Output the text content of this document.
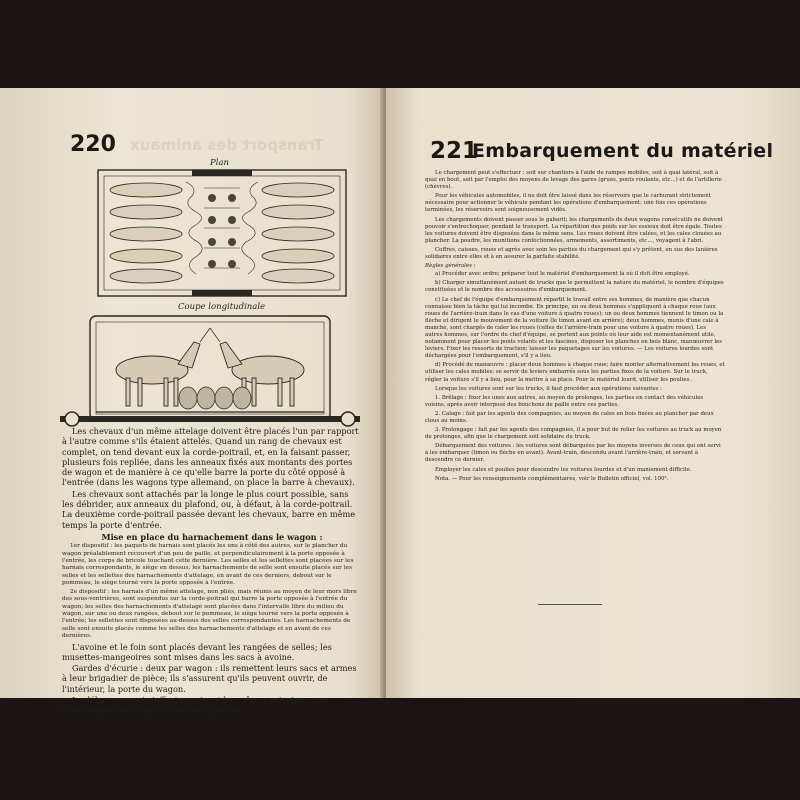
Transport des animaux
220
Plan
Coupe longitudinale

Les chevaux d'un même attelage doivent être placés l'un par rapport à l'autre comme s'ils étaient attelés. Quand un rang de chevaux est complet, on tend devant eux la corde-poitrail, et, en la faisant passer, plusieurs fois repliée, dans les anneaux fixés aux montants des portes de wagon et de manière à ce qu'elle barre la porte du côté opposé à l'entrée (dans les wagons type allemand, on place la barre à chevaux).

Les chevaux sont attachés par la longe le plus court possible, sans les débrider, aux anneaux du plafond, ou, à défaut, à la corde-poitrail. La deuxième corde-poitrail passée devant les chevaux, barre en même temps la porte d'entrée.

Mise en place du harnachement dans le wagon :

1er dispositif : les paquets de harnais sont placés les uns à côté des autres, sur le plancher du wagon préalablement recouvert d'un peu de paille, et perpendiculairement à la porte opposée à l'entrée, les corps de bricole touchant cette dernière. Les selles et les sellettes sont placées sur les harnais correspondants, le siège en dessus; les harnachements de selle sont ensuite placés sur les selles et les sellettes des harnachements d'attelage, en avant de ces derniers, debout sur le pommeau, le siège tourné vers la porte opposée à l'entrée.

2e dispositif : les harnais d'un même attelage, non pliés, mais réunis au moyen de leur mors libre des sous-ventrières, sont suspendus sur la corde-poitrail qui barre la porte opposée à l'entrée du wagon; les selles des harnachements d'attelage sont placées dans l'intervalle libre du milieu du wagon, sur une ou deux rangées, debout sur le pommeau, le siège tourné vers la porte opposée à l'entrée; les sellettes sont disposées au-dessus des selles correspondantes. Les harnachements de selle sont ensuite placés comme les selles des harnachements d'attelage et en avant de ces dernières.

L'avoine et le foin sont placés devant les rangées de selles; les musettes-mangeoires sont mises dans les sacs à avoine.

Gardes d'écurie : deux par wagon : ils remettent leurs sacs et armes à leur brigadier de pièce; ils s'assurent qu'ils peuvent ouvrir, de l'intérieur, la porte du wagon.

Le débarquement s'effectue suivant les mêmes principes que l'embarquement et par les moyens inverses.

221
Embarquement du matériel

Le chargement peut s'effectuer : soit sur chantiers à l'aide de rampes mobiles, soit à quai latéral, soit à quai en bout, soit par l'emploi des moyens de levage des gares (grues, ponts roulants, etc...) et de l'artillerie (chèvres).

Pour les véhicules automobiles, il ne doit être laissé dans les réservoirs que le carburant strictement nécessaire pour actionner le véhicule pendant les opérations d'embarquement; une fois ces opérations terminées, les réservoirs sont soigneusement vidés.

Les chargements doivent passer sous le gabarit; les chargements de deux wagons consécutifs ne doivent pouvoir s'entrechoquer, pendant le transport. La répartition des poids sur les essieux doit être égale. Toutes les voitures doivent être disposées dans le même sens. Les roues doivent être calées, et les cales clouées au plancher. La poudre, les munitions confectionnées, armements, assortiments, etc..., voyagent à l'abri.

Coffres, caisses, roues et agrès avec soin les parties du chargement qui s'y prêtent, en sus des lanières solidaires entre elles et à en assurer la parfaite stabilité.

Règles générales :

a) Procéder avec ordre; préparer tout le matériel d'embarquement là où il doit être employé.

b) Charger simultanément autant de trucks que le permettent la nature du matériel, le nombre d'équipes constituées et le nombre des accessoires d'embarquement.

c) Le chef de l'équipe d'embarquement répartit le travail entre ses hommes, de manière que chacun connaisse bien la tâche qui lui incombe. En principe, un ou deux hommes s'appliquent à chaque roue (aux roues de l'arrière-train dans le cas d'une voiture à quatre roues); un ou deux hommes tiennent le timon ou la flèche et dirigent le mouvement de la voiture (le timon avant en arrière); deux hommes, munis d'une cale à manche, sont chargés de caler les roues (celles de l'arrière-train pour une voiture à quatre roues). Les autres hommes, sur l'ordre du chef d'équipe, se portent aux points où leur aide est momentanément utile, notamment pour placer les ponts volants et les fascines, disposer les planches en bois blanc, manœuvrer les leviers. Fixer les ressorts de traction; laisser les paquetages sur les voitures. — Les voitures lourdes sont déchargées pour l'embarquement, s'il y a lieu.

d) Procédé de manœuvre : placer deux hommes à chaque roue; faire monter alternativement les roues, et utiliser les cales mobiles; se servir de leviers embarrés sous les parties fixes de la voiture. Sur le truck, régler la voiture s'il y a lieu, pour la mettre à sa place. Pour le matériel lourd, utiliser les poulies.

Lorsque les voitures sont sur les trucks, il faut procéder aux opérations suivantes :

1. Brêlage : fixer les unes aux autres, au moyen de prolonges, les parties en contact des véhicules voisins, après avoir interposé des bouchons de paille entre ces parties.

2. Calage : fait par les agents des compagnies, au moyen de cales en bois fixées au plancher par deux clous au moins.

3. Prolongage : fait par les agents des compagnies, il a pour but de relier les voitures au truck au moyen de prolonges, afin que le chargement soit solidaire du truck.

Débarquement des voitures : les voitures sont débarquées par les moyens inverses de ceux qui ont servi à les embarquer (timon ou flèche en avant). Avant-train, descendu avant l'arrière-train, et servant à descendre ce dernier.

Employer les cales et poulies pour descendre les voitures lourdes et d'un maniement difficile.

Nota. — Pour les renseignements complémentaires, voir le Bulletin officiel, vol. 100².
